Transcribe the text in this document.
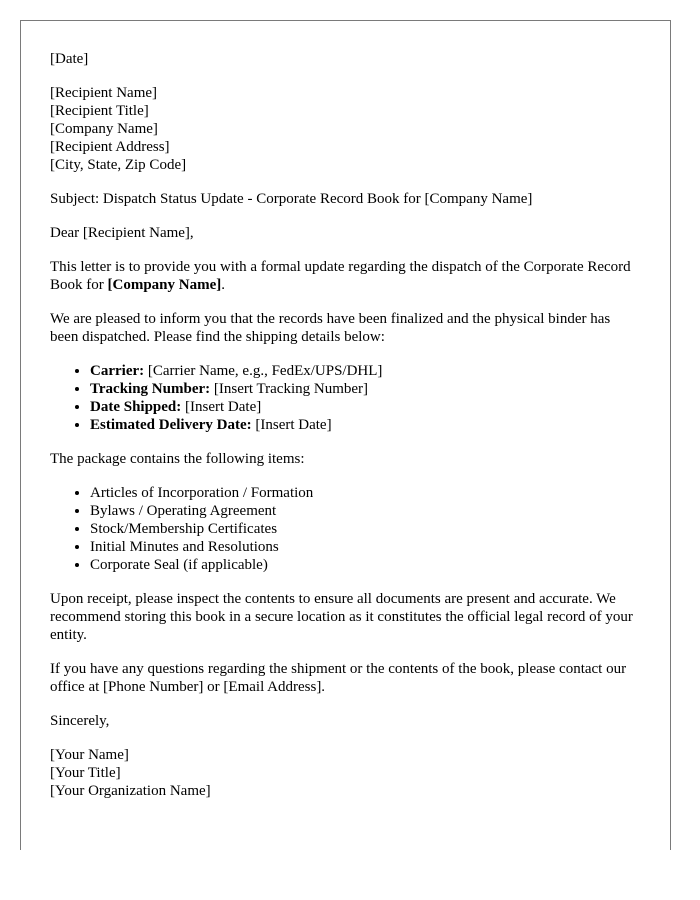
[Date]

[Recipient Name]
[Recipient Title]
[Company Name]
[Recipient Address]
[City, State, Zip Code]

Subject: Dispatch Status Update - Corporate Record Book for [Company Name]

Dear [Recipient Name],

This letter is to provide you with a formal update regarding the dispatch of the Corporate Record Book for [Company Name].

We are pleased to inform you that the records have been finalized and the physical binder has been dispatched. Please find the shipping details below:

• Carrier: [Carrier Name, e.g., FedEx/UPS/DHL]
• Tracking Number: [Insert Tracking Number]
• Date Shipped: [Insert Date]
• Estimated Delivery Date: [Insert Date]

The package contains the following items:

• Articles of Incorporation / Formation
• Bylaws / Operating Agreement
• Stock/Membership Certificates
• Initial Minutes and Resolutions
• Corporate Seal (if applicable)

Upon receipt, please inspect the contents to ensure all documents are present and accurate. We recommend storing this book in a secure location as it constitutes the official legal record of your entity.

If you have any questions regarding the shipment or the contents of the book, please contact our office at [Phone Number] or [Email Address].

Sincerely,

[Your Name]
[Your Title]
[Your Organization Name]
